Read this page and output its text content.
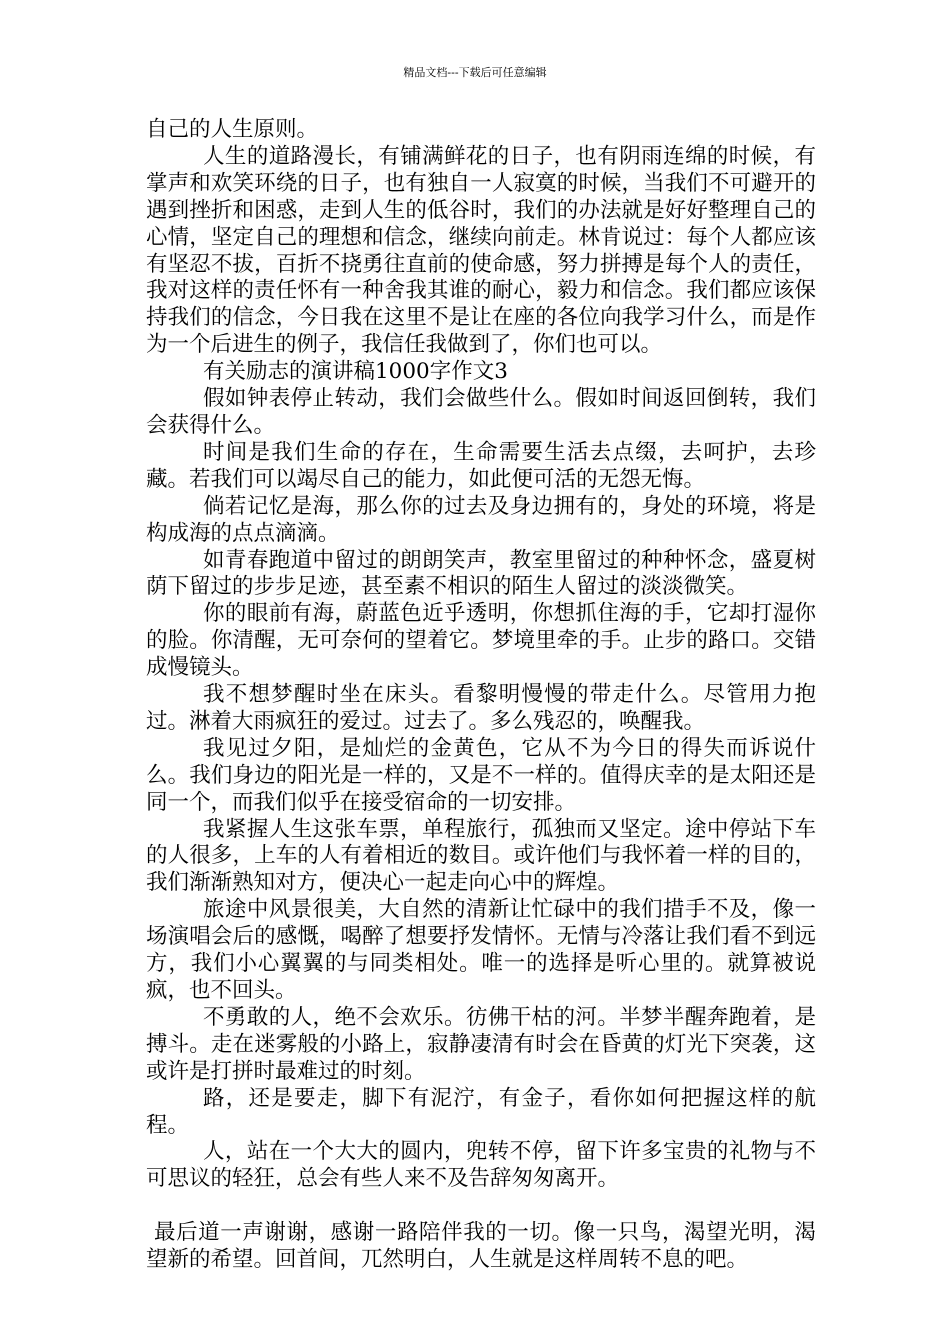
精品文档---下载后可任意编辑

自己的人生原则。

人生的道路漫长，有铺满鲜花的日子，也有阴雨连绵的时候，有掌声和欢笑环绕的日子，也有独自一人寂寞的时候，当我们不可避开的遇到挫折和困惑，走到人生的低谷时，我们的办法就是好好整理自己的心情，坚定自己的理想和信念，继续向前走。林肯说过：每个人都应该有坚忍不拔，百折不挠勇往直前的使命感，努力拼搏是每个人的责任，我对这样的责任怀有一种舍我其谁的耐心，毅力和信念。我们都应该保持我们的信念，今日我在这里不是让在座的各位向我学习什么，而是作为一个后进生的例子，我信任我做到了，你们也可以。

有关励志的演讲稿1000字作文3

假如钟表停止转动，我们会做些什么。假如时间返回倒转，我们会获得什么。

时间是我们生命的存在，生命需要生活去点缀，去呵护，去珍藏。若我们可以竭尽自己的能力，如此便可活的无怨无悔。

倘若记忆是海，那么你的过去及身边拥有的，身处的环境，将是构成海的点点滴滴。

如青春跑道中留过的朗朗笑声，教室里留过的种种怀念，盛夏树荫下留过的步步足迹，甚至素不相识的陌生人留过的淡淡微笑。

你的眼前有海，蔚蓝色近乎透明，你想抓住海的手，它却打湿你的脸。你清醒，无可奈何的望着它。梦境里牵的手。止步的路口。交错成慢镜头。

我不想梦醒时坐在床头。看黎明慢慢的带走什么。尽管用力抱过。淋着大雨疯狂的爱过。过去了。多么残忍的，唤醒我。

我见过夕阳，是灿烂的金黄色，它从不为今日的得失而诉说什么。我们身边的阳光是一样的，又是不一样的。值得庆幸的是太阳还是同一个，而我们似乎在接受宿命的一切安排。

我紧握人生这张车票，单程旅行，孤独而又坚定。途中停站下车的人很多，上车的人有着相近的数目。或许他们与我怀着一样的目的，我们渐渐熟知对方，便决心一起走向心中的辉煌。

旅途中风景很美，大自然的清新让忙碌中的我们措手不及，像一场演唱会后的感慨，喝醉了想要抒发情怀。无情与冷落让我们看不到远方，我们小心翼翼的与同类相处。唯一的选择是听心里的。就算被说疯，也不回头。

不勇敢的人，绝不会欢乐。彷佛干枯的河。半梦半醒奔跑着，是搏斗。走在迷雾般的小路上，寂静凄清有时会在昏黄的灯光下突袭，这或许是打拼时最难过的时刻。

路，还是要走，脚下有泥泞，有金子，看你如何把握这样的航程。

人，站在一个大大的圆内，兜转不停，留下许多宝贵的礼物与不可思议的轻狂，总会有些人来不及告辞匆匆离开。

最后道一声谢谢，感谢一路陪伴我的一切。像一只鸟，渴望光明，渴望新的希望。回首间，兀然明白，人生就是这样周转不息的吧。
